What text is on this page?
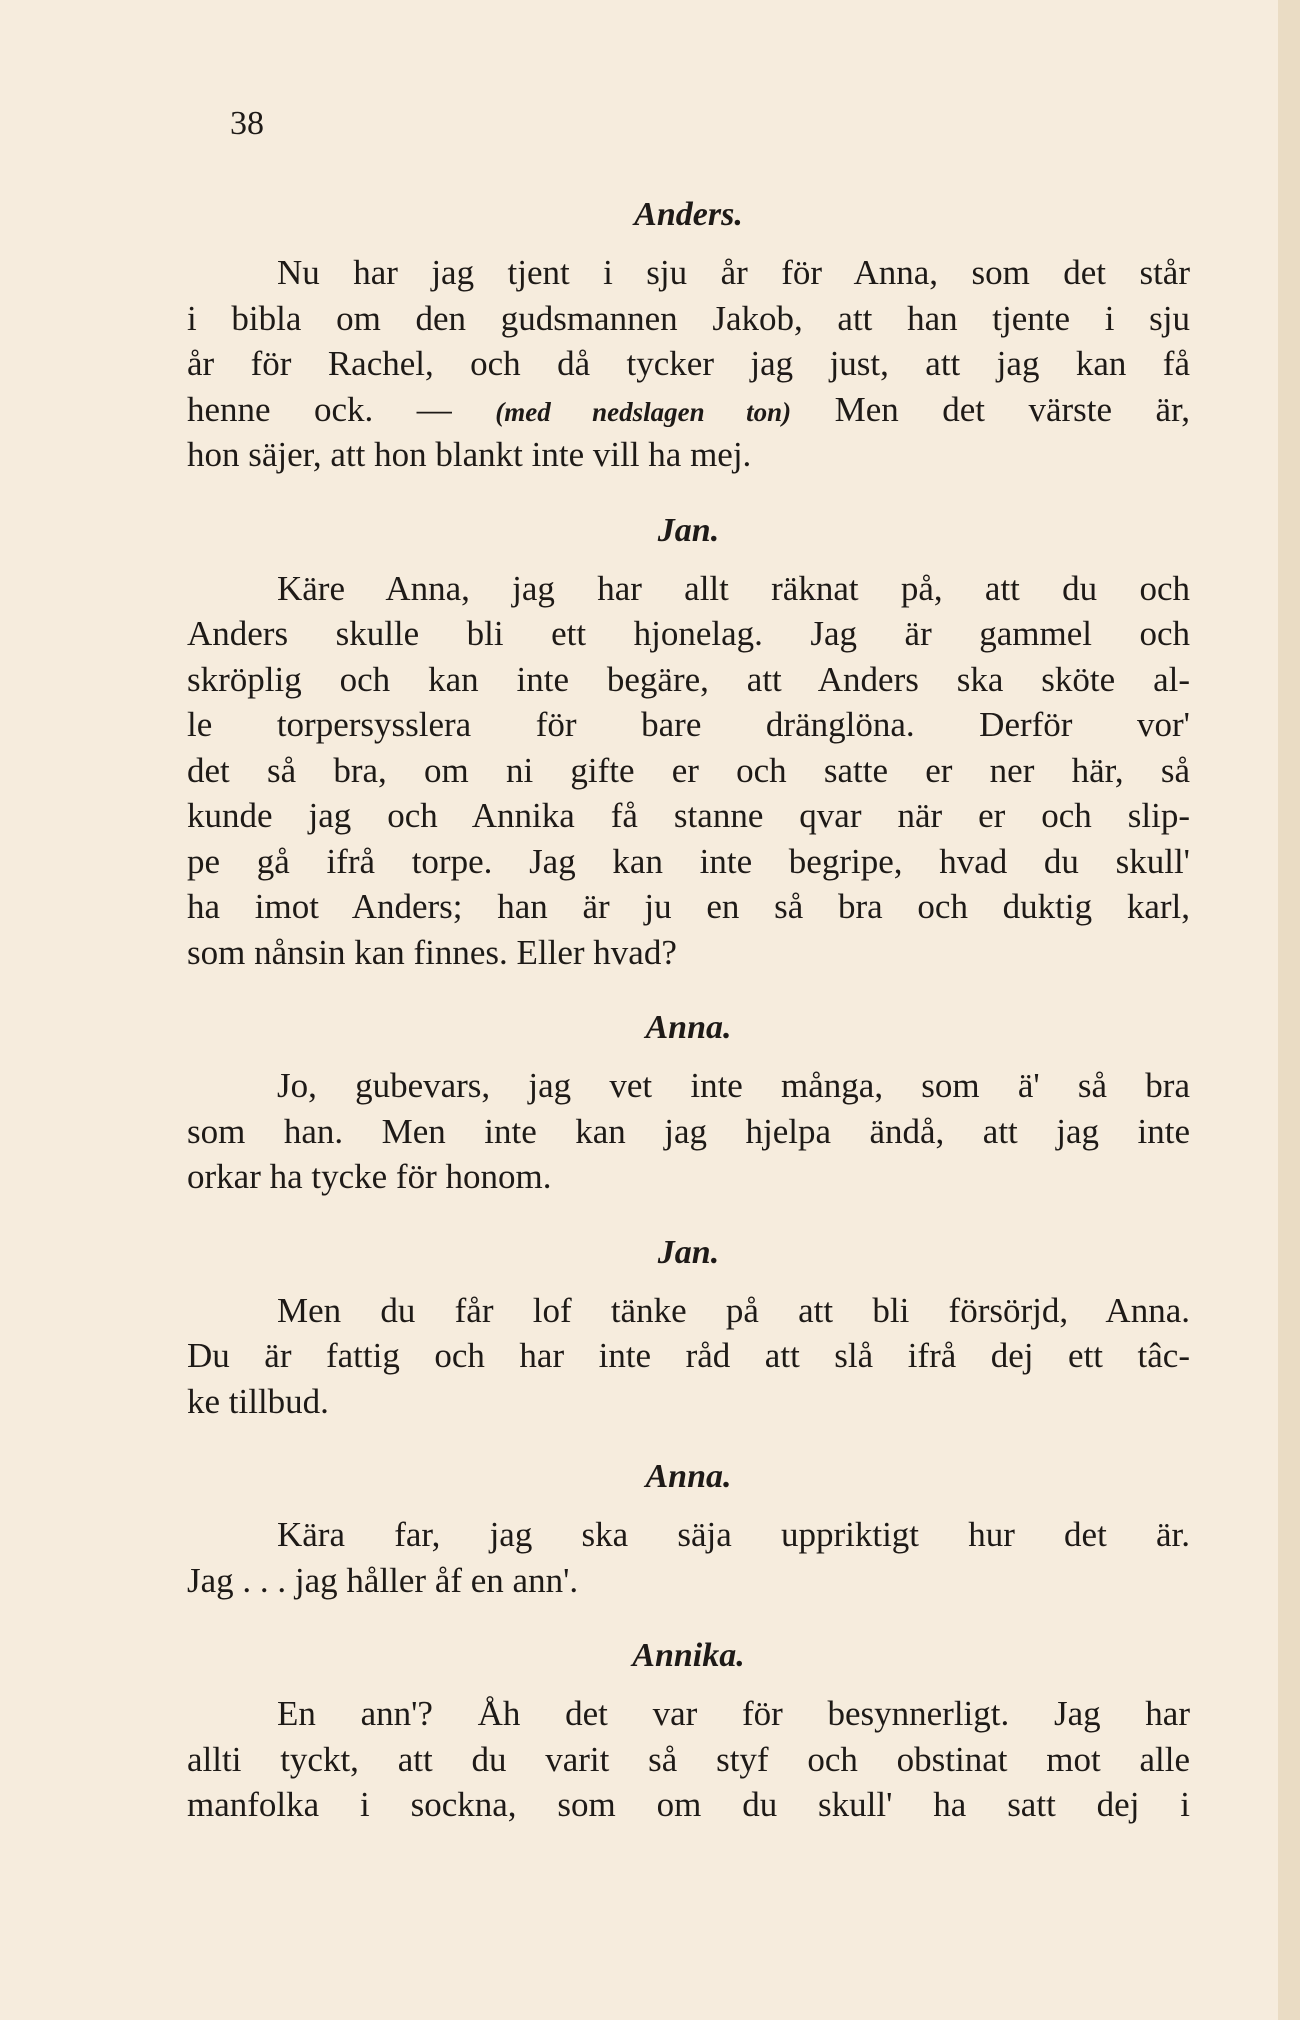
38
Anders.
Nu har jag tjent i sju år för Anna, som det står
i bibla om den gudsmannen Jakob, att han tjente i sju
år för Rachel, och då tycker jag just, att jag kan få
henne ock. — (med nedslagen ton) Men det värste är,
hon säjer, att hon blankt inte vill ha mej.
Jan.
Käre Anna, jag har allt räknat på, att du och
Anders skulle bli ett hjonelag. Jag är gammel och
skröplig och kan inte begäre, att Anders ska sköte al-
le torpersysslera för bare dränglöna. Derför vor'
det så bra, om ni gifte er och satte er ner här, så
kunde jag och Annika få stanne qvar när er och slip-
pe gå ifrå torpe. Jag kan inte begripe, hvad du skull'
ha imot Anders; han är ju en så bra och duktig karl,
som nånsin kan finnes. Eller hvad?
Anna.
Jo, gubevars, jag vet inte många, som ä' så bra
som han. Men inte kan jag hjelpa ändå, att jag inte
orkar ha tycke för honom.
Jan.
Men du får lof tänke på att bli försörjd, Anna.
Du är fattig och har inte råd att slå ifrå dej ett tâc-
ke tillbud.
Anna.
Kära far, jag ska säja uppriktigt hur det är.
Jag . . . jag håller åf en ann'.
Annika.
En ann'? Åh det var för besynnerligt. Jag har
allti tyckt, att du varit så styf och obstinat mot alle
manfolka i sockna, som om du skull' ha satt dej i
